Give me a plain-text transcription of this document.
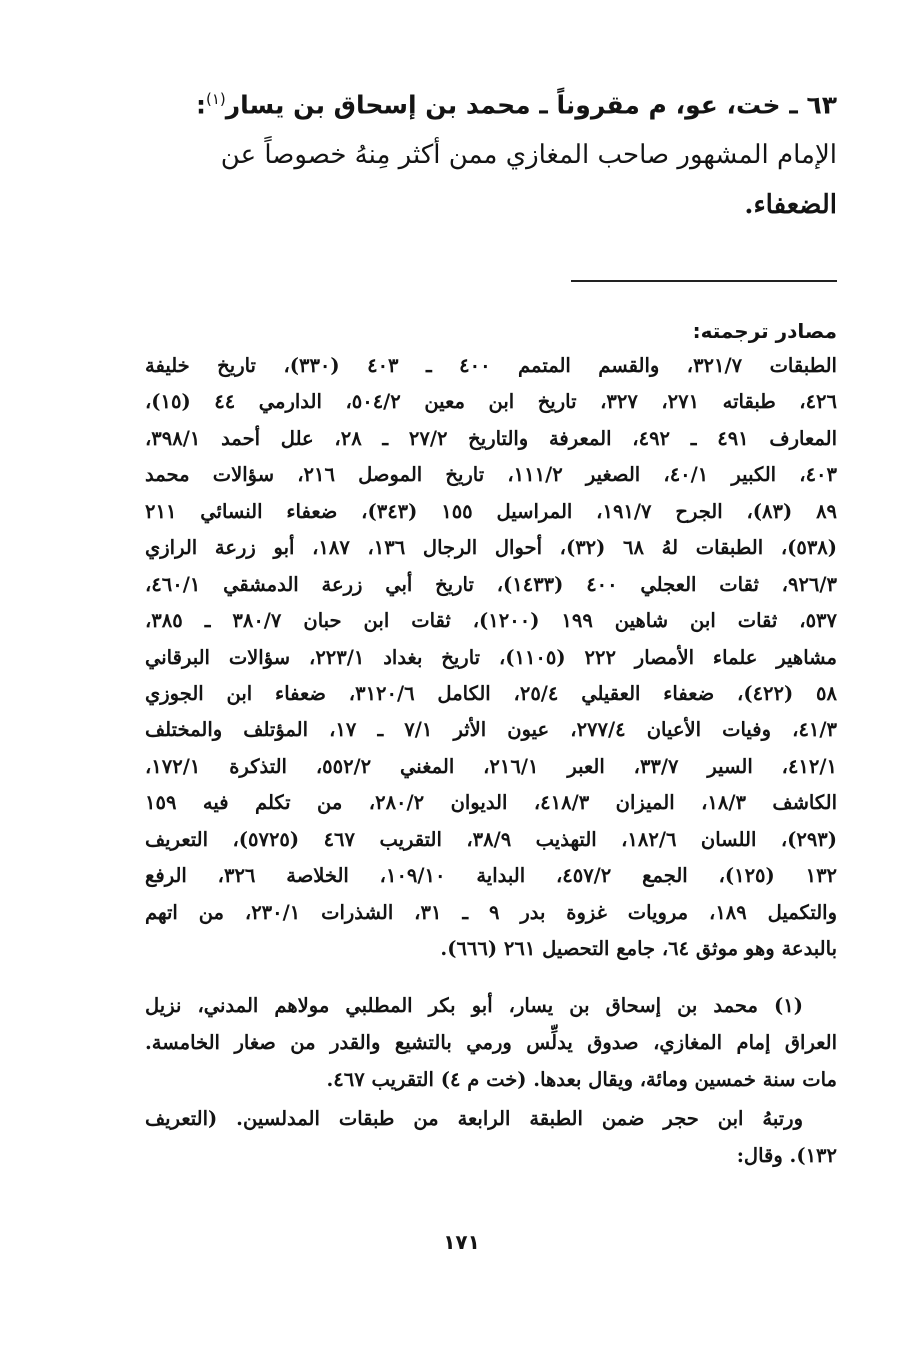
٦٣ ـ خت، عو، م مقروناً ـ محمد بن إسحاق بن يسار$^{(١)}$:
الإمام المشهور صاحب المغازي ممن أكثر مِنهُ خصوصاً عن
الضعفاء.
مصادر ترجمته:
الطبقات ٣٢١/٧، والقسم المتمم ٤٠٠ ـ ٤٠٣ (٣٣٠)، تاريخ خليفة
٤٢٦، طبقاته ٢٧١، ٣٢٧، تاريخ ابن معين ٥٠٤/٢، الدارمي ٤٤ (١٥)،
المعارف ٤٩١ ـ ٤٩٢، المعرفة والتاريخ ٢٧/٢ ـ ٢٨، علل أحمد ٣٩٨/١،
٤٠٣، الكبير ٤٠/١، الصغير ١١١/٢، تاريخ الموصل ٢١٦، سؤالات محمد
٨٩ (٨٣)، الجرح ١٩١/٧، المراسيل ١٥٥ (٣٤٣)، ضعفاء النسائي ٢١١
(٥٣٨)، الطبقات لهُ ٦٨ (٣٢)، أحوال الرجال ١٣٦، ١٨٧، أبو زرعة الرازي
٩٢٦/٣، ثقات العجلي ٤٠٠ (١٤٣٣)، تاريخ أبي زرعة الدمشقي ٤٦٠/١،
٥٣٧، ثقات ابن شاهين ١٩٩ (١٢٠٠)، ثقات ابن حبان ٣٨٠/٧ ـ ٣٨٥،
مشاهير علماء الأمصار ٢٢٢ (١١٠٥)، تاريخ بغداد ٢٢٣/١، سؤالات البرقاني
٥٨ (٤٢٢)، ضعفاء العقيلي ٢٥/٤، الكامل ٣١٢٠/٦، ضعفاء ابن الجوزي
٤١/٣، وفيات الأعيان ٢٧٧/٤، عيون الأثر ٧/١ ـ ١٧، المؤتلف والمختلف
٤١٢/١، السير ٣٣/٧، العبر ٢١٦/١، المغني ٥٥٢/٢، التذكرة ١٧٢/١،
الكاشف ١٨/٣، الميزان ٤١٨/٣، الديوان ٢٨٠/٢، من تكلم فيه ١٥٩
(٢٩٣)، اللسان ١٨٢/٦، التهذيب ٣٨/٩، التقريب ٤٦٧ (٥٧٢٥)، التعريف
١٣٢ (١٢٥)، الجمع ٤٥٧/٢، البداية ١٠٩/١٠، الخلاصة ٣٢٦، الرفع
والتكميل ١٨٩، مرويات غزوة بدر ٩ ـ ٣١، الشذرات ٢٣٠/١، من اتهم
بالبدعة وهو موثق ٦٤، جامع التحصيل ٢٦١ (٦٦٦).
(١) محمد بن إسحاق بن يسار، أبو بكر المطلبي مولاهم المدني، نزيل
العراق إمام المغازي، صدوق يدلِّس ورمي بالتشيع والقدر من صغار الخامسة.
مات سنة خمسين ومائة، ويقال بعدها. (خت م ٤) التقريب ٤٦٧.
ورتبهُ ابن حجر ضمن الطبقة الرابعة من طبقات المدلسين. (التعريف
١٣٢). وقال:
١٧١
